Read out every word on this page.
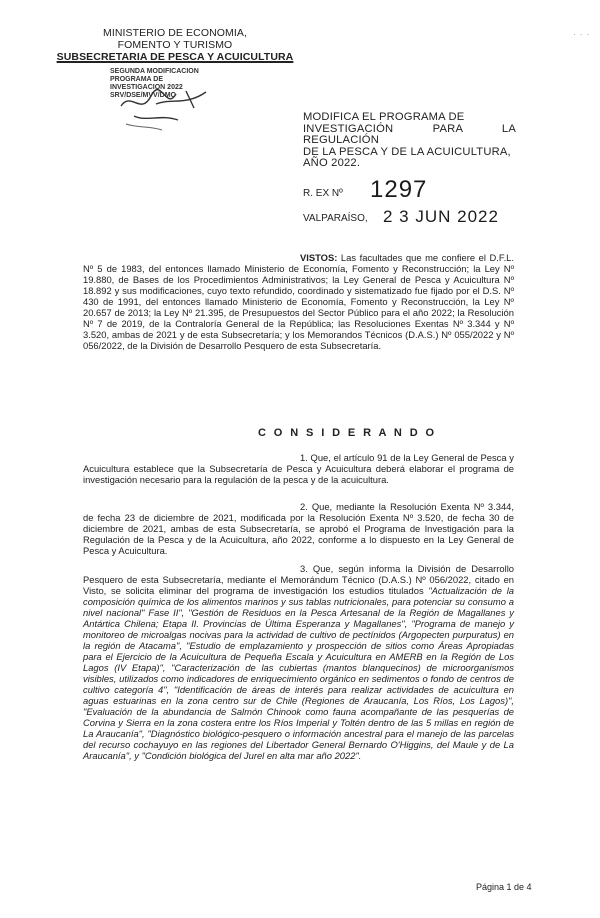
· · ·
MINISTERIO DE ECONOMIA,
FOMENTO Y TURISMO
SUBSECRETARIA DE PESCA Y ACUICULTURA
SEGUNDA MODIFICACION
PROGRAMA DE INVESTIGACION 2022
SRV/DSE/MVV/DMO
MODIFICA EL PROGRAMA DE
INVESTIGACIÓN PARA LA REGULACIÓN
DE LA PESCA Y DE LA ACUICULTURA,
AÑO 2022.
R. EX Nº 1297
VALPARAÍSO, 2 3 JUN 2022

VISTOS: Las facultades que me confiere el D.F.L. Nº 5 de 1983, del entonces llamado Ministerio de Economía, Fomento y Reconstrucción; la Ley Nº 19.880, de Bases de los Procedimientos Administrativos; la Ley General de Pesca y Acuicultura Nº 18.892 y sus modificaciones, cuyo texto refundido, coordinado y sistematizado fue fijado por el D.S. Nº 430 de 1991, del entonces llamado Ministerio de Economía, Fomento y Reconstrucción, la Ley Nº 20.657 de 2013; la Ley Nº 21.395, de Presupuestos del Sector Público para el año 2022; la Resolución Nº 7 de 2019, de la Contraloría General de la República; las Resoluciones Exentas Nº 3.344 y Nº 3.520, ambas de 2021 y de esta Subsecretaría; y los Memorandos Técnicos (D.A.S.) Nº 055/2022 y Nº 056/2022, de la División de Desarrollo Pesquero de esta Subsecretaría.

C O N S I D E R A N D O

1. Que, el artículo 91 de la Ley General de Pesca y Acuicultura establece que la Subsecretaría de Pesca y Acuicultura deberá elaborar el programa de investigación necesario para la regulación de la pesca y de la acuicultura.

2. Que, mediante la Resolución Exenta Nº 3.344, de fecha 23 de diciembre de 2021, modificada por la Resolución Exenta Nº 3.520, de fecha 30 de diciembre de 2021, ambas de esta Subsecretaría, se aprobó el Programa de Investigación para la Regulación de la Pesca y de la Acuicultura, año 2022, conforme a lo dispuesto en la Ley General de Pesca y Acuicultura.

3. Que, según informa la División de Desarrollo Pesquero de esta Subsecretaría, mediante el Memorándum Técnico (D.A.S.) Nº 056/2022, citado en Visto, se solicita eliminar del programa de investigación los estudios titulados "Actualización de la composición química de los alimentos marinos y sus tablas nutricionales, para potenciar su consumo a nivel nacional" Fase II", "Gestión de Residuos en la Pesca Artesanal de la Región de Magallanes y Antártica Chilena; Etapa II. Provincias de Última Esperanza y Magallanes", "Programa de manejo y monitoreo de microalgas nocivas para la actividad de cultivo de pectínidos (Argopecten purpuratus) en la región de Atacama", "Estudio de emplazamiento y prospección de sitios como Áreas Apropiadas para el Ejercicio de la Acuicultura de Pequeña Escala y Acuicultura en AMERB en la Región de Los Lagos (IV Etapa)", "Caracterización de las cubiertas (mantos blanquecinos) de microorganismos visibles, utilizados como indicadores de enriquecimiento orgánico en sedimentos o fondo de centros de cultivo categoría 4", "Identificación de áreas de interés para realizar actividades de acuicultura en aguas estuarinas en la zona centro sur de Chile (Regiones de Araucanía, Los Ríos, Los Lagos)", "Evaluación de la abundancia de Salmón Chinook como fauna acompañante de las pesquerías de Corvina y Sierra en la zona costera entre los Ríos Imperial y Toltén dentro de las 5 millas en región de La Araucanía", "Diagnóstico biológico-pesquero o información ancestral para el manejo de las parcelas del recurso cochayuyo en las regiones del Libertador General Bernardo O'Higgins, del Maule y de La Araucanía", y "Condición biológica del Jurel en alta mar año 2022".

Página 1 de 4
